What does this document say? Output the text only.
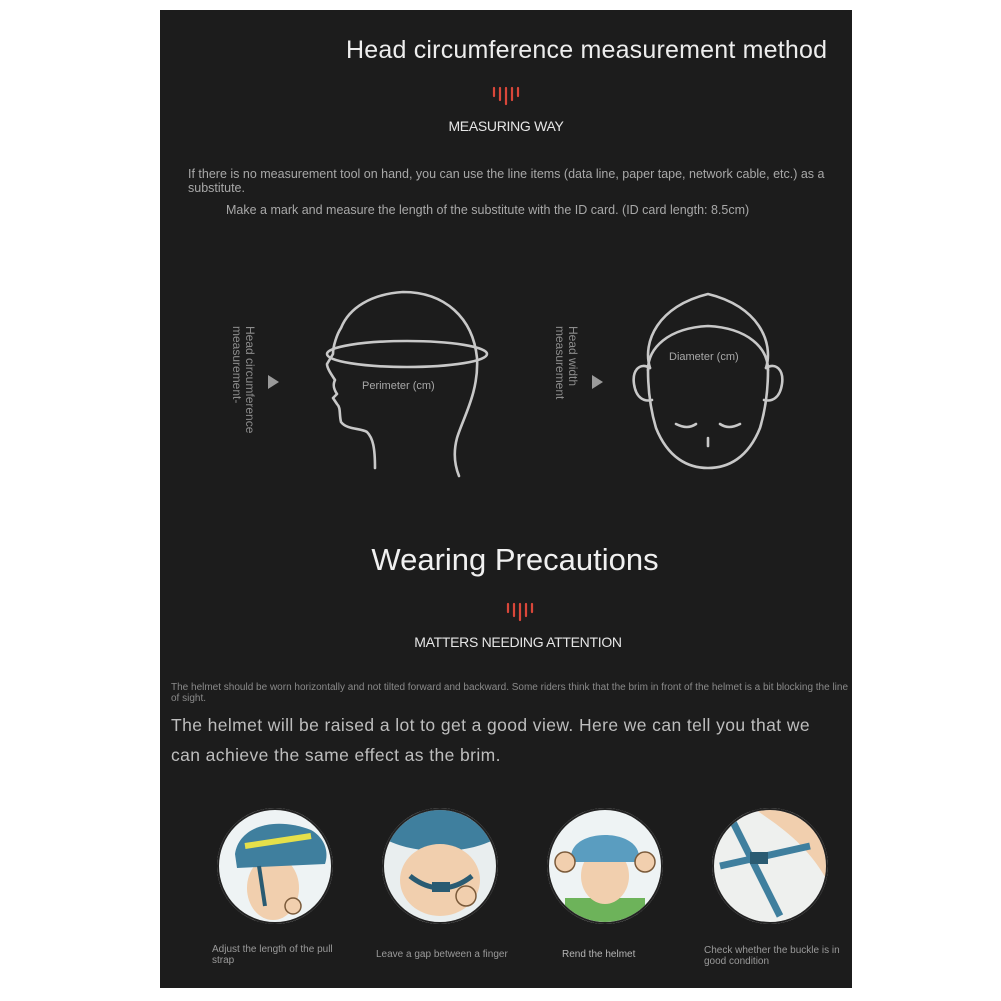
Head circumference measurement method
MEASURING WAY
If there is no measurement tool on hand, you can use the line items (data line, paper tape, network cable, etc.) as a substitute.
Make a mark and measure the length of the substitute with the ID card. (ID card length: 8.5cm)
Head circumference measurement-	Perimeter (cm)	Head width measurement	Diameter (cm)
Wearing Precautions
MATTERS NEEDING ATTENTION
The helmet should be worn horizontally and not tilted forward and backward. Some riders think that the brim in front of the helmet is a bit blocking the line of sight.
The helmet will be raised a lot to get a good view. Here we can tell you that we can achieve the same effect as the brim.
Adjust the length of the pull strap
Leave a gap between a finger	Rend the helmet	Check whether the buckle is in good condition
